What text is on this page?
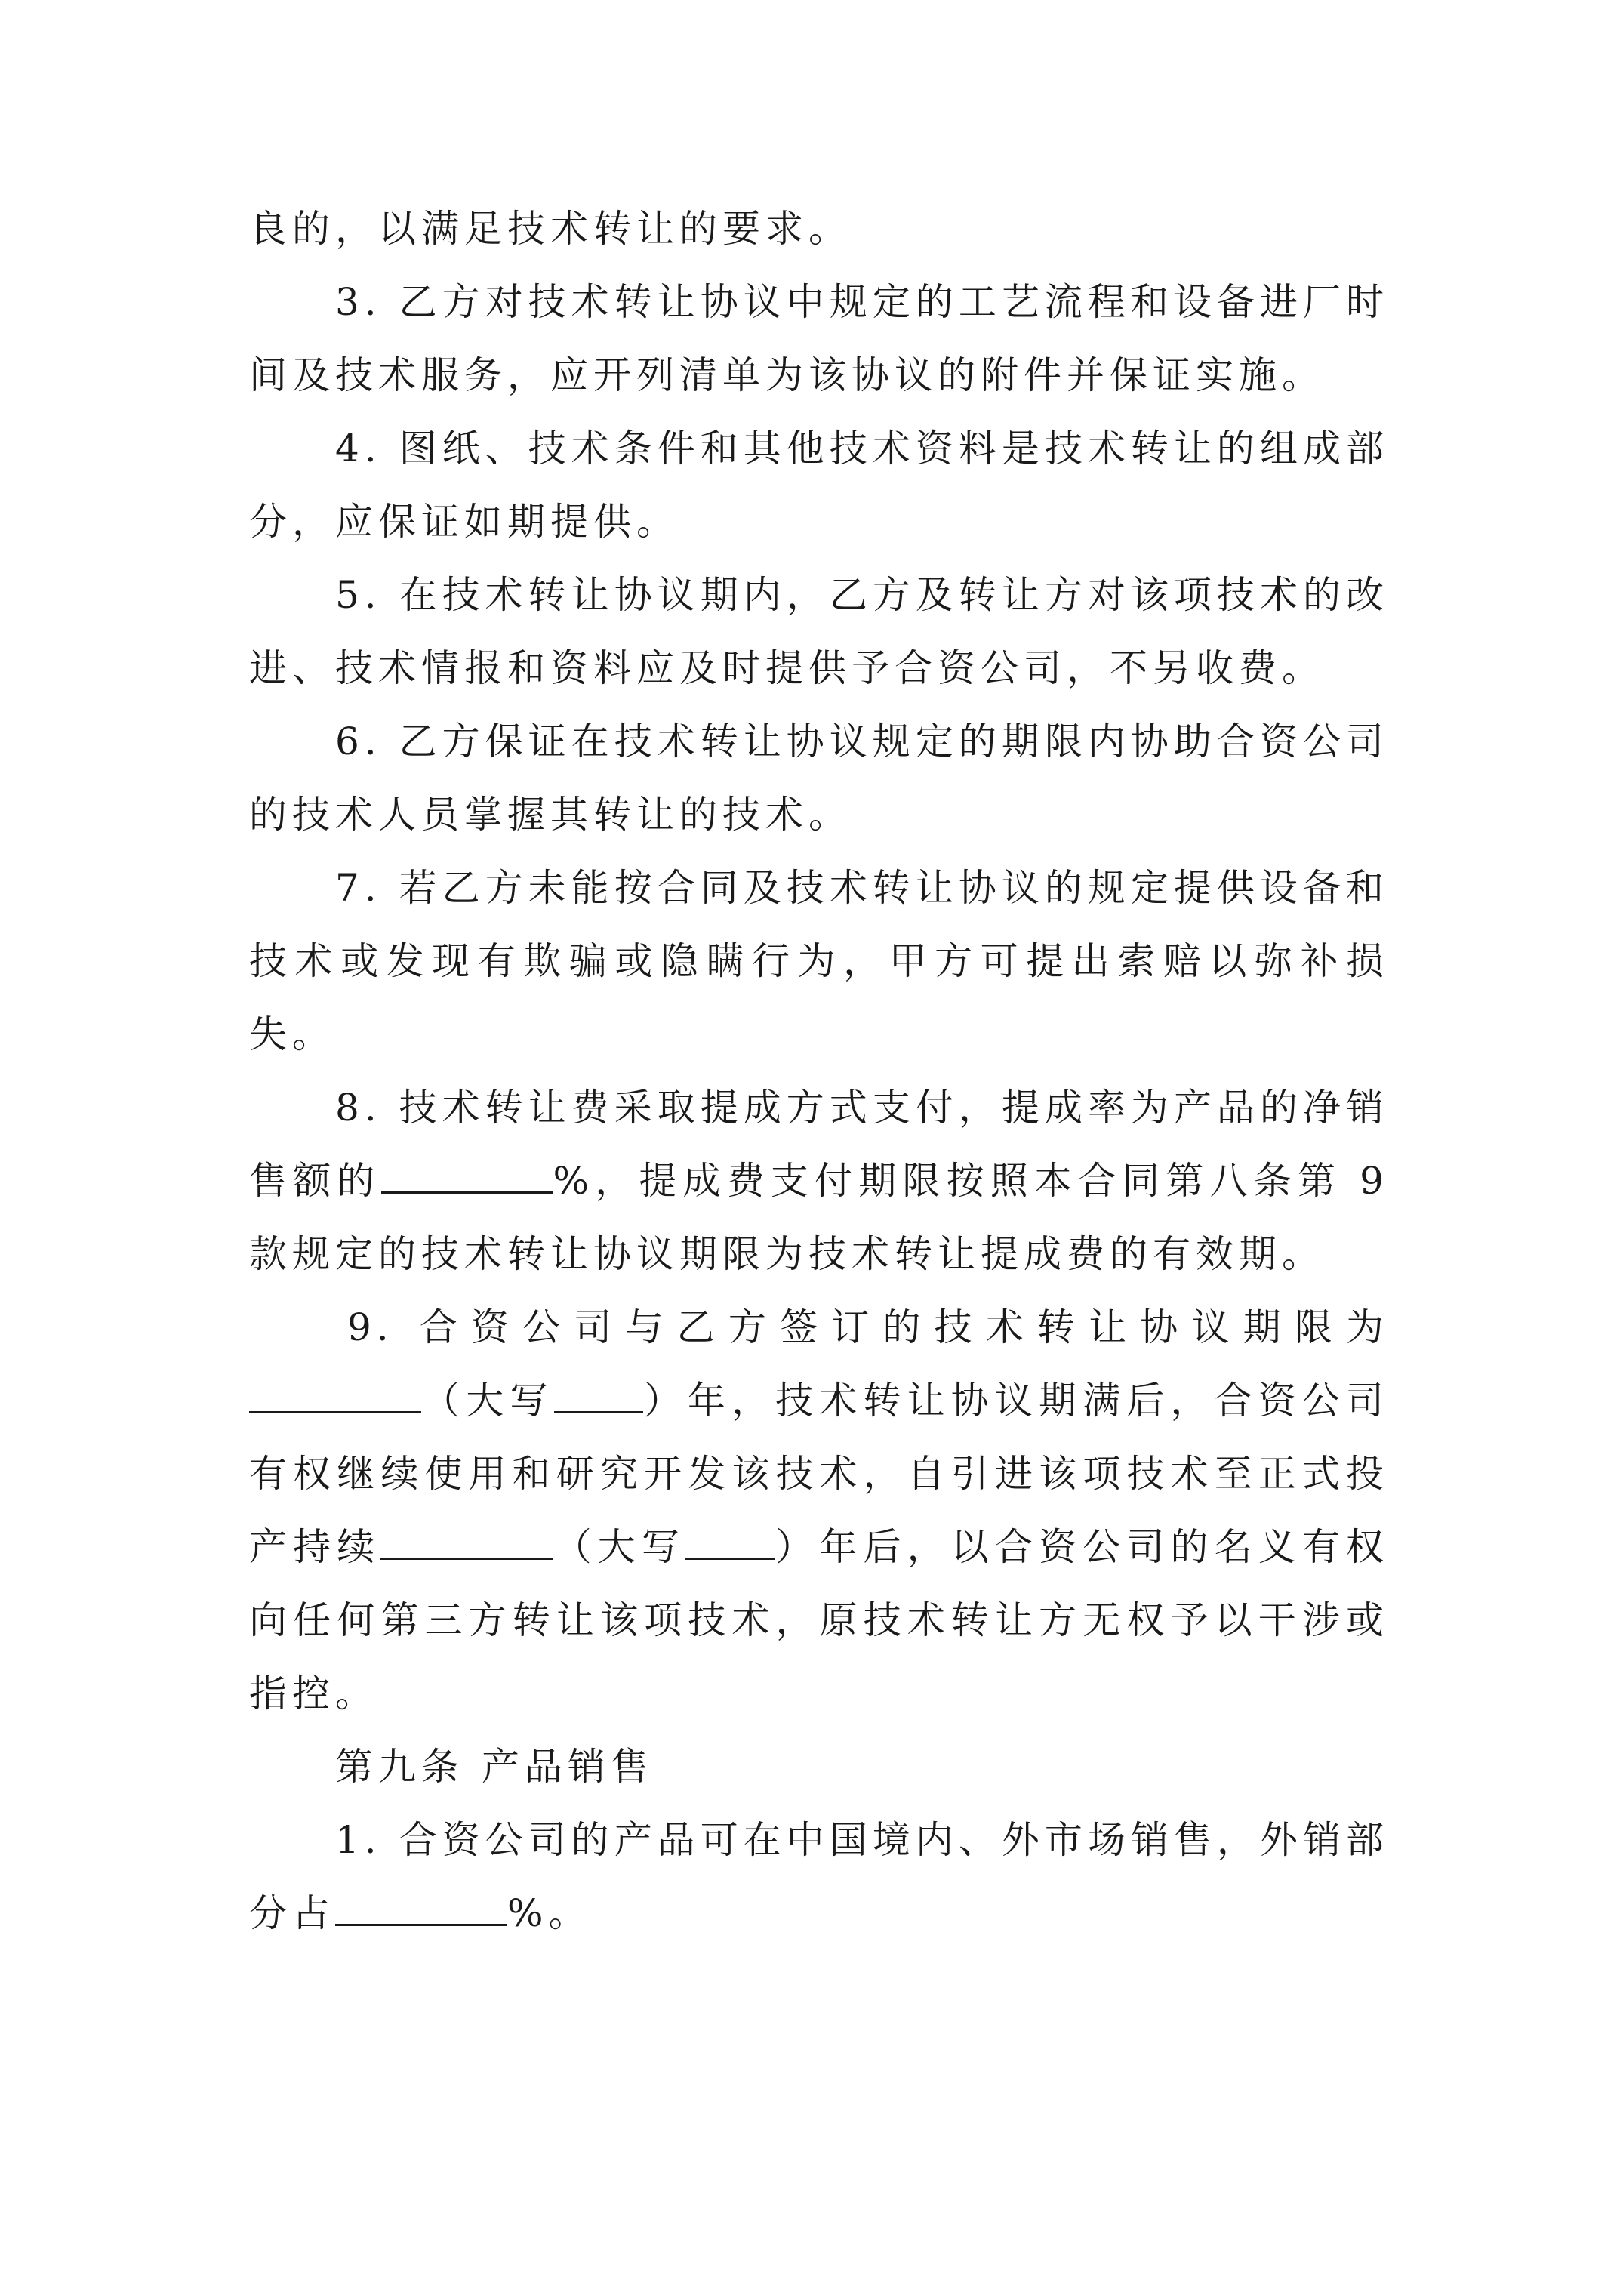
良的，以满足技术转让的要求。

3. 乙方对技术转让协议中规定的工艺流程和设备进厂时间及技术服务，应开列清单为该协议的附件并保证实施。

4. 图纸、技术条件和其他技术资料是技术转让的组成部分，应保证如期提供。

5. 在技术转让协议期内，乙方及转让方对该项技术的改进、技术情报和资料应及时提供予合资公司，不另收费。

6. 乙方保证在技术转让协议规定的期限内协助合资公司的技术人员掌握其转让的技术。

7. 若乙方未能按合同及技术转让协议的规定提供设备和技术或发现有欺骗或隐瞒行为，甲方可提出索赔以弥补损失。

8. 技术转让费采取提成方式支付，提成率为产品的净销售额的	%，提成费支付期限按照本合同第八条第 9 款规定的技术转让协议期限为技术转让提成费的有效期。

9. 合资公司与乙方签订的技术转让协议期限为（大写 ）年，技术转让协议期满后，合资公司有权继续使用和研究开发该技术，自引进该项技术至正式投产持续	（大写 ）年后，以合资公司的名义有权向任何第三方转让该项技术，原技术转让方无权予以干涉或指控。

第九条 产品销售

1. 合资公司的产品可在中国境内、外市场销售，外销部分占	%。
